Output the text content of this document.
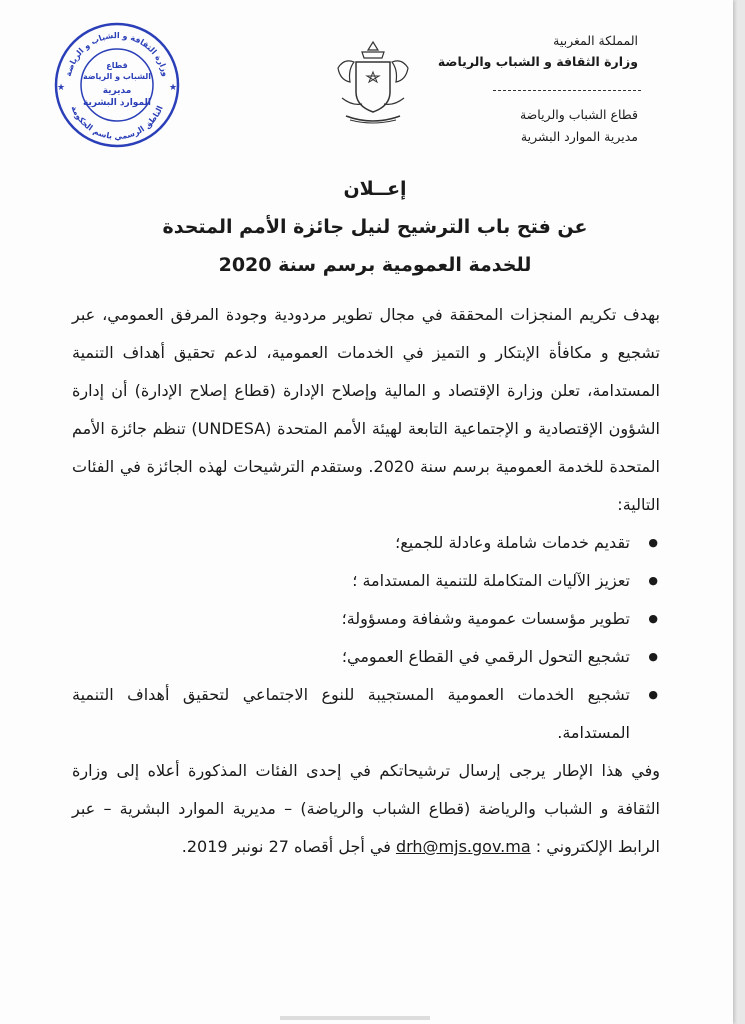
وزارة الثقافة و الشباب و الرياضة
الناطق الرسمي باسم الحكومة
قطاع
الشباب و الرياضة
مديرية
الموارد البشرية
★	★
المملكة المغربية
وزارة الثقافة و الشباب والرياضة
قطاع الشباب والرياضة
مديرية الموارد البشرية
إعــلان
عن فتح باب الترشيح لنيل جائزة الأمم المتحدة
للخدمة العمومية برسم سنة 2020

بهدف تكريم المنجزات المحققة في مجال تطوير مردودية وجودة المرفق العمومي، عبر تشجيع و مكافأة الإبتكار و التميز في الخدمات العمومية، لدعم تحقيق أهداف التنمية المستدامة، تعلن وزارة الإقتصاد و المالية وإصلاح الإدارة (قطاع إصلاح الإدارة) أن إدارة الشؤون الإقتصادية و الإجتماعية التابعة لهيئة الأمم المتحدة (UNDESA) تنظم جائزة الأمم المتحدة للخدمة العمومية برسم سنة 2020. وستقدم الترشيحات لهذه الجائزة في الفئات التالية:

● تقديم خدمات شاملة وعادلة للجميع؛
● تعزيز الآليات المتكاملة للتنمية المستدامة ؛
● تطوير مؤسسات عمومية وشفافة ومسؤولة؛
● تشجيع التحول الرقمي في القطاع العمومي؛
● تشجيع الخدمات العمومية المستجيبة للنوع الاجتماعي لتحقيق أهداف التنمية المستدامة.

وفي هذا الإطار يرجى إرسال ترشيحاتكم في إحدى الفئات المذكورة أعلاه إلى وزارة الثقافة و الشباب والرياضة (قطاع الشباب والرياضة) – مديرية الموارد البشرية – عبر الرابط الإلكتروني : drh@mjs.gov.ma في أجل أقصاه 27 نونبر 2019.
